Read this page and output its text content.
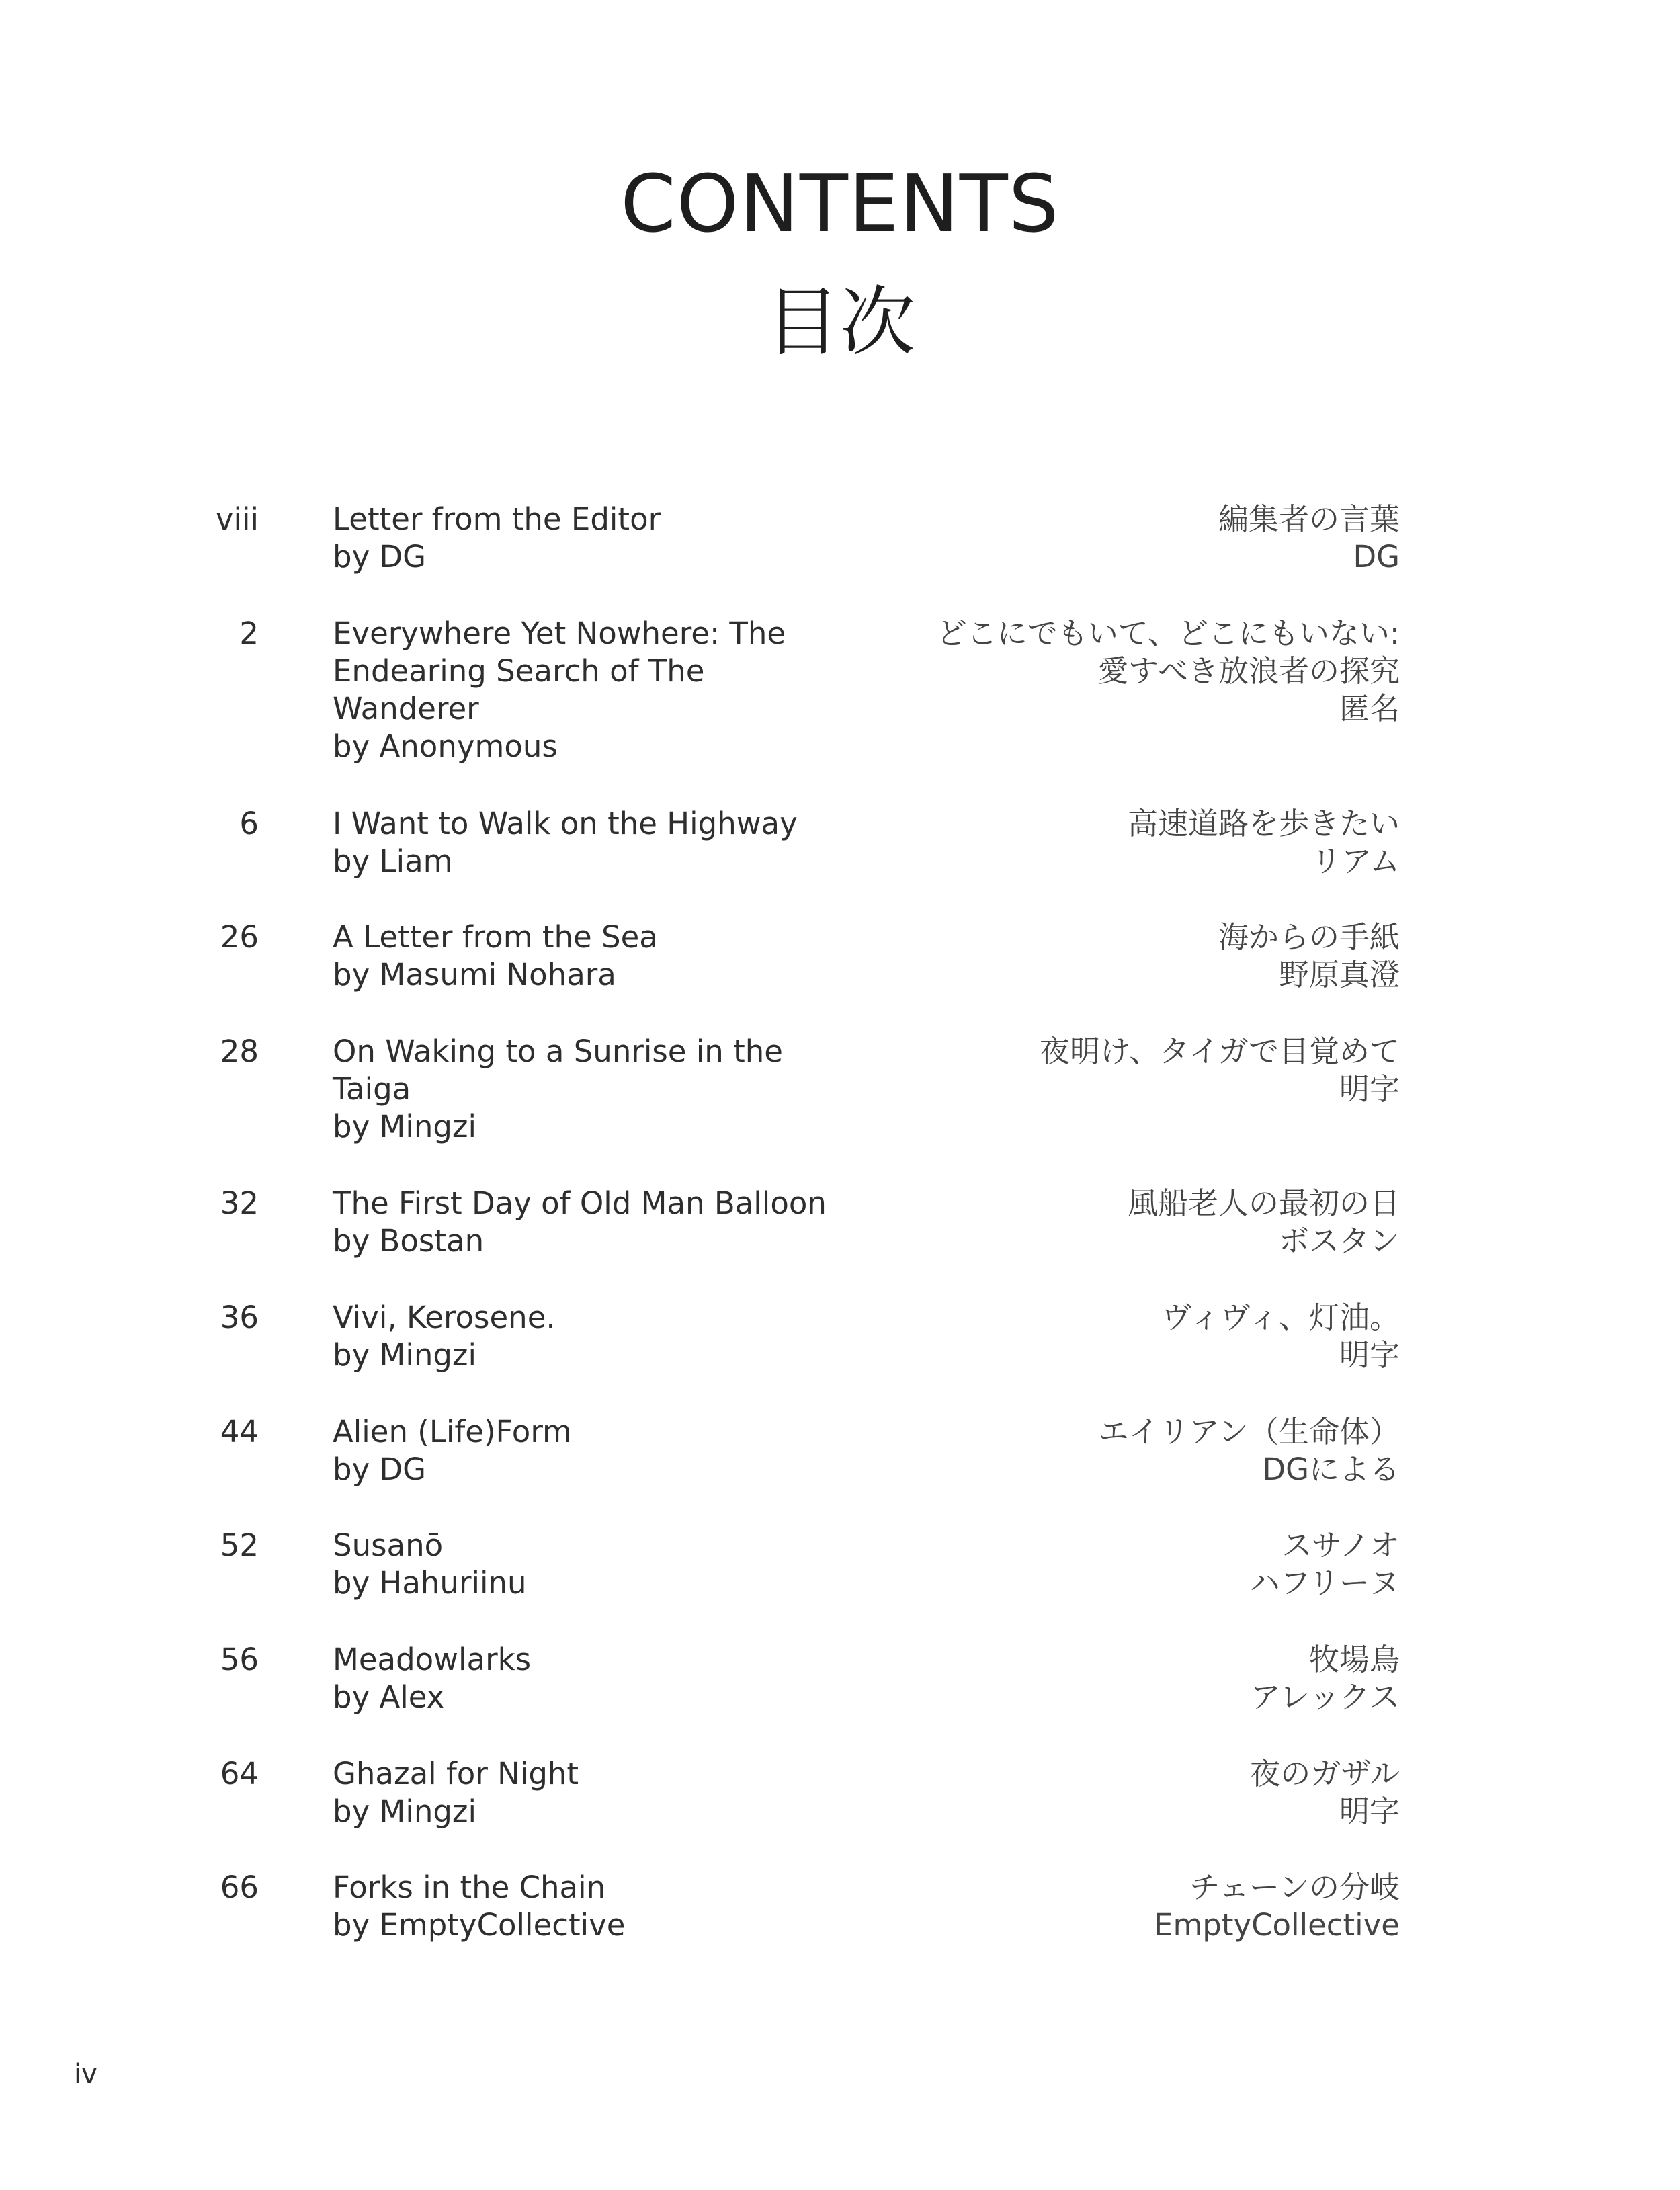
CONTENTS
目次
viii Letter from the Editor
by DG
編集者の言葉
DG
2 Everywhere Yet Nowhere: The
Endearing Search of The
Wanderer
by Anonymous
どこにでもいて、どこにもいない:
愛すべき放浪者の探究
匿名
6 I Want to Walk on the Highway
by Liam
高速道路を歩きたい
リアム
26 A Letter from the Sea
by Masumi Nohara
海からの手紙
野原真澄
28 On Waking to a Sunrise in the
Taiga
by Mingzi
夜明け、タイガで目覚めて
明字
32 The First Day of Old Man Balloon
by Bostan
風船老人の最初の日
ボスタン
36 Vivi, Kerosene.
by Mingzi
ヴィヴィ、灯油。
明字
44 Alien (Life)Form
by DG
エイリアン（生命体）
DGによる
52 Susanō
by Hahuriinu
スサノオ
ハフリーヌ
56 Meadowlarks
by Alex
牧場鳥
アレックス
64 Ghazal for Night
by Mingzi
夜のガザル
明字
66 Forks in the Chain
by EmptyCollective
チェーンの分岐
EmptyCollective
iv
